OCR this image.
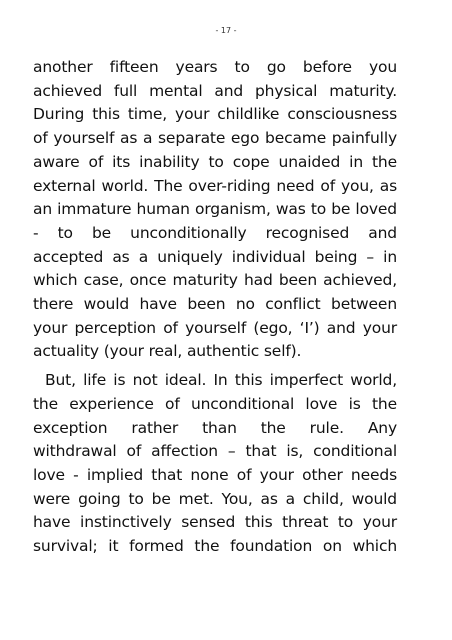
- 17 -

another fifteen years to go before you
achieved full mental and physical maturity.
During this time, your childlike consciousness
of yourself as a separate ego became painfully
aware of its inability to cope unaided in the
external world. The over-riding need of you, as
an immature human organism, was to be loved
- to be unconditionally recognised and
accepted as a uniquely individual being – in
which case, once maturity had been achieved,
there would have been no conflict between
your perception of yourself (ego, ‘I’) and your
actuality (your real, authentic self).

But, life is not ideal. In this imperfect world,
the experience of unconditional love is the
exception rather than the rule. Any
withdrawal of affection – that is, conditional
love - implied that none of your other needs
were going to be met. You, as a child, would
have instinctively sensed this threat to your
survival; it formed the foundation on which
